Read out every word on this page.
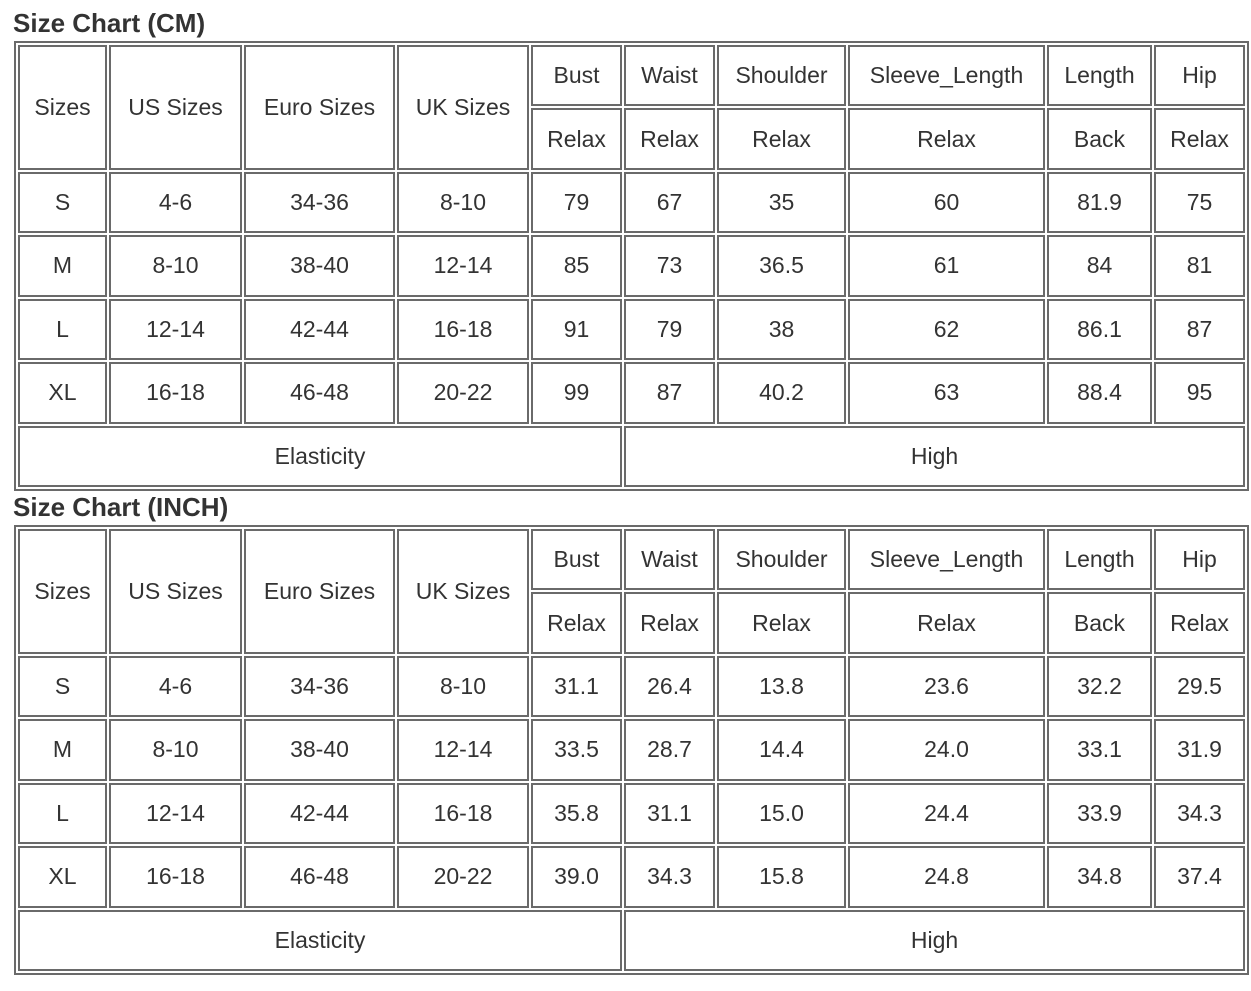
Size Chart (CM)
Sizes	US Sizes	Euro Sizes	UK Sizes	Bust	Waist	Shoulder	Sleeve_Length	Length	Hip
				Relax	Relax	Relax	Relax	Back	Relax
S	4-6	34-36	8-10	79	67	35	60	81.9	75
M	8-10	38-40	12-14	85	73	36.5	61	84	81
L	12-14	42-44	16-18	91	79	38	62	86.1	87
XL	16-18	46-48	20-22	99	87	40.2	63	88.4	95
Elasticity					High				
Size Chart (INCH)
Sizes	US Sizes	Euro Sizes	UK Sizes	Bust	Waist	Shoulder	Sleeve_Length	Length	Hip
				Relax	Relax	Relax	Relax	Back	Relax
S	4-6	34-36	8-10	31.1	26.4	13.8	23.6	32.2	29.5
M	8-10	38-40	12-14	33.5	28.7	14.4	24.0	33.1	31.9
L	12-14	42-44	16-18	35.8	31.1	15.0	24.4	33.9	34.3
XL	16-18	46-48	20-22	39.0	34.3	15.8	24.8	34.8	37.4
Elasticity					High				
